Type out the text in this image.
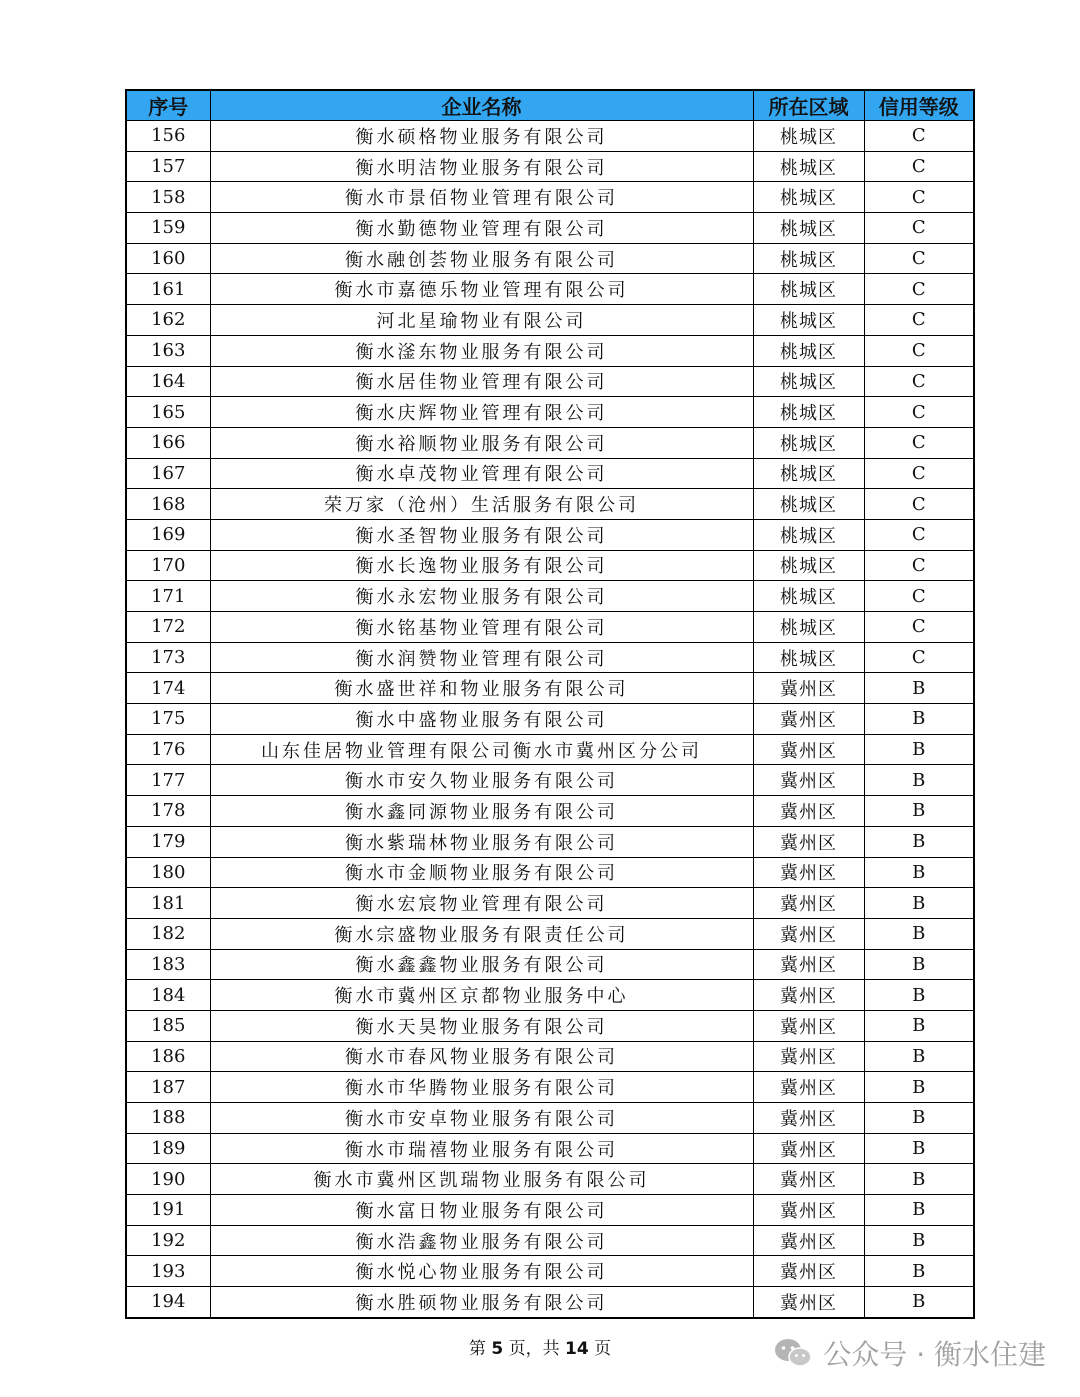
序号	企业名称	所在区域	信用等级
156	衡水硕格物业服务有限公司	桃城区	C
157	衡水明洁物业服务有限公司	桃城区	C
158	衡水市景佰物业管理有限公司	桃城区	C
159	衡水勤德物业管理有限公司	桃城区	C
160	衡水融创荟物业服务有限公司	桃城区	C
161	衡水市嘉德乐物业管理有限公司	桃城区	C
162	河北星瑜物业有限公司	桃城区	C
163	衡水滏东物业服务有限公司	桃城区	C
164	衡水居佳物业管理有限公司	桃城区	C
165	衡水庆辉物业管理有限公司	桃城区	C
166	衡水裕顺物业服务有限公司	桃城区	C
167	衡水卓茂物业管理有限公司	桃城区	C
168	荣万家（沧州）生活服务有限公司	桃城区	C
169	衡水圣智物业服务有限公司	桃城区	C
170	衡水长逸物业服务有限公司	桃城区	C
171	衡水永宏物业服务有限公司	桃城区	C
172	衡水铭基物业管理有限公司	桃城区	C
173	衡水润赞物业管理有限公司	桃城区	C
174	衡水盛世祥和物业服务有限公司	冀州区	B
175	衡水中盛物业服务有限公司	冀州区	B
176	山东佳居物业管理有限公司衡水市冀州区分公司	冀州区	B
177	衡水市安久物业服务有限公司	冀州区	B
178	衡水鑫同源物业服务有限公司	冀州区	B
179	衡水紫瑞林物业服务有限公司	冀州区	B
180	衡水市金顺物业服务有限公司	冀州区	B
181	衡水宏宸物业管理有限公司	冀州区	B
182	衡水宗盛物业服务有限责任公司	冀州区	B
183	衡水鑫鑫物业服务有限公司	冀州区	B
184	衡水市冀州区京都物业服务中心	冀州区	B
185	衡水天昊物业服务有限公司	冀州区	B
186	衡水市春风物业服务有限公司	冀州区	B
187	衡水市华腾物业服务有限公司	冀州区	B
188	衡水市安卓物业服务有限公司	冀州区	B
189	衡水市瑞禧物业服务有限公司	冀州区	B
190	衡水市冀州区凯瑞物业服务有限公司	冀州区	B
191	衡水富日物业服务有限公司	冀州区	B
192	衡水浩鑫物业服务有限公司	冀州区	B
193	衡水悦心物业服务有限公司	冀州区	B
194	衡水胜硕物业服务有限公司	冀州区	B
第 5 页，共 14 页	公众号 · 衡水住建
